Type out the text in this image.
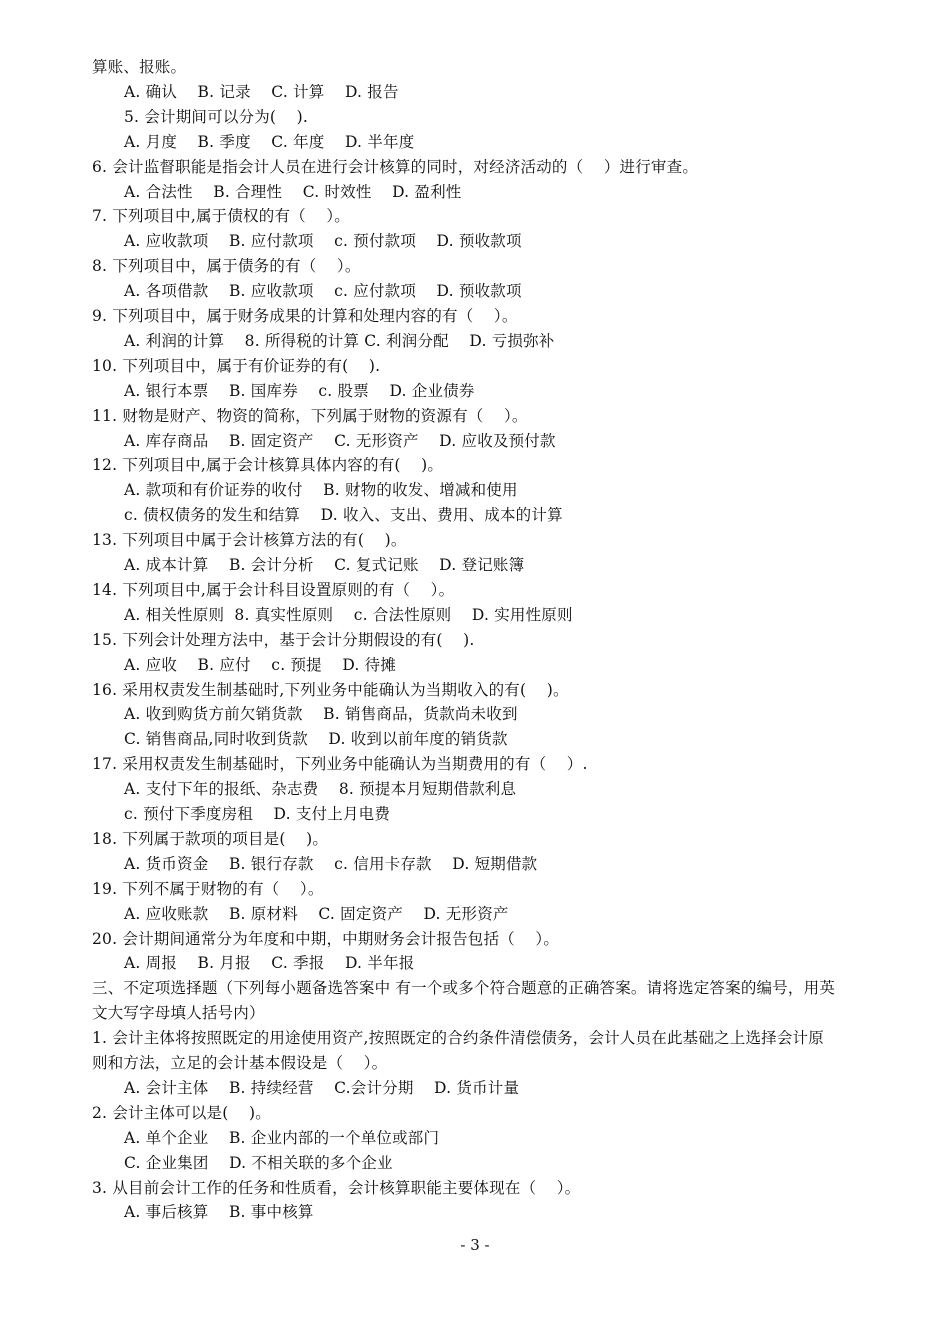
算账、报账。
A. 确认    B. 记录    C. 计算    D. 报告
5. 会计期间可以分为(    ).
A. 月度    B. 季度    C. 年度    D. 半年度
6. 会计监督职能是指会计人员在进行会计核算的同时，对经济活动的（    ）进行审查。
A. 合法性    B. 合理性    C. 时效性    D. 盈利性
7. 下列项目中,属于债权的有（    ）。
A. 应收款项    B. 应付款项    c. 预付款项    D. 预收款项
8. 下列项目中，属于债务的有（    ）。
A. 各项借款    B. 应收款项    c. 应付款项    D. 预收款项
9. 下列项目中，属于财务成果的计算和处理内容的有（    ）。
A. 利润的计算    8. 所得税的计算 C. 利润分配    D. 亏损弥补
10. 下列项目中，属于有价证券的有(    ).
A. 银行本票    B. 国库券    c. 股票    D. 企业债券
11. 财物是财产、物资的简称，下列属于财物的资源有（    ）。
A. 库存商品    B. 固定资产    C. 无形资产    D. 应收及预付款
12. 下列项目中,属于会计核算具体内容的有(    )。
A. 款项和有价证券的收付    B. 财物的收发、增减和使用
c. 债权债务的发生和结算    D. 收入、支出、费用、成本的计算
13. 下列项目中属于会计核算方法的有(    )。
A. 成本计算    B. 会计分析    C. 复式记账    D. 登记账簿
14. 下列项目中,属于会计科目设置原则的有（    ）。
A. 相关性原则  8. 真实性原则    c. 合法性原则    D. 实用性原则
15. 下列会计处理方法中，基于会计分期假设的有(    ).
A. 应收    B. 应付    c. 预提    D. 待摊
16. 采用权责发生制基础时,下列业务中能确认为当期收入的有(    )。
A. 收到购货方前欠销货款    B. 销售商品，货款尚未收到
C. 销售商品,同时收到货款    D. 收到以前年度的销货款
17. 采用权责发生制基础时，下列业务中能确认为当期费用的有（    ）.
A. 支付下年的报纸、杂志费    8. 预提本月短期借款利息
c. 预付下季度房租    D. 支付上月电费
18. 下列属于款项的项目是(    )。
A. 货币资金    B. 银行存款    c. 信用卡存款    D. 短期借款
19. 下列不属于财物的有（    ）。
A. 应收账款    B. 原材料    C. 固定资产    D. 无形资产
20. 会计期间通常分为年度和中期，中期财务会计报告包括（    ）。
A. 周报    B. 月报    C. 季报    D. 半年报
三、不定项选择题（下列每小题备选答案中 有一个或多个符合题意的正确答案。请将选定答案的编号，用英
文大写字母填人括号内）
1. 会计主体将按照既定的用途使用资产,按照既定的合约条件清偿债务，会计人员在此基础之上选择会计原
则和方法，立足的会计基本假设是（    ）。
A. 会计主体    B. 持续经营    C.会计分期    D. 货币计量
2. 会计主体可以是(    )。
A. 单个企业    B. 企业内部的一个单位或部门
C. 企业集团    D. 不相关联的多个企业
3. 从目前会计工作的任务和性质看，会计核算职能主要体现在（    ）。
A. 事后核算    B. 事中核算
- 3 -
